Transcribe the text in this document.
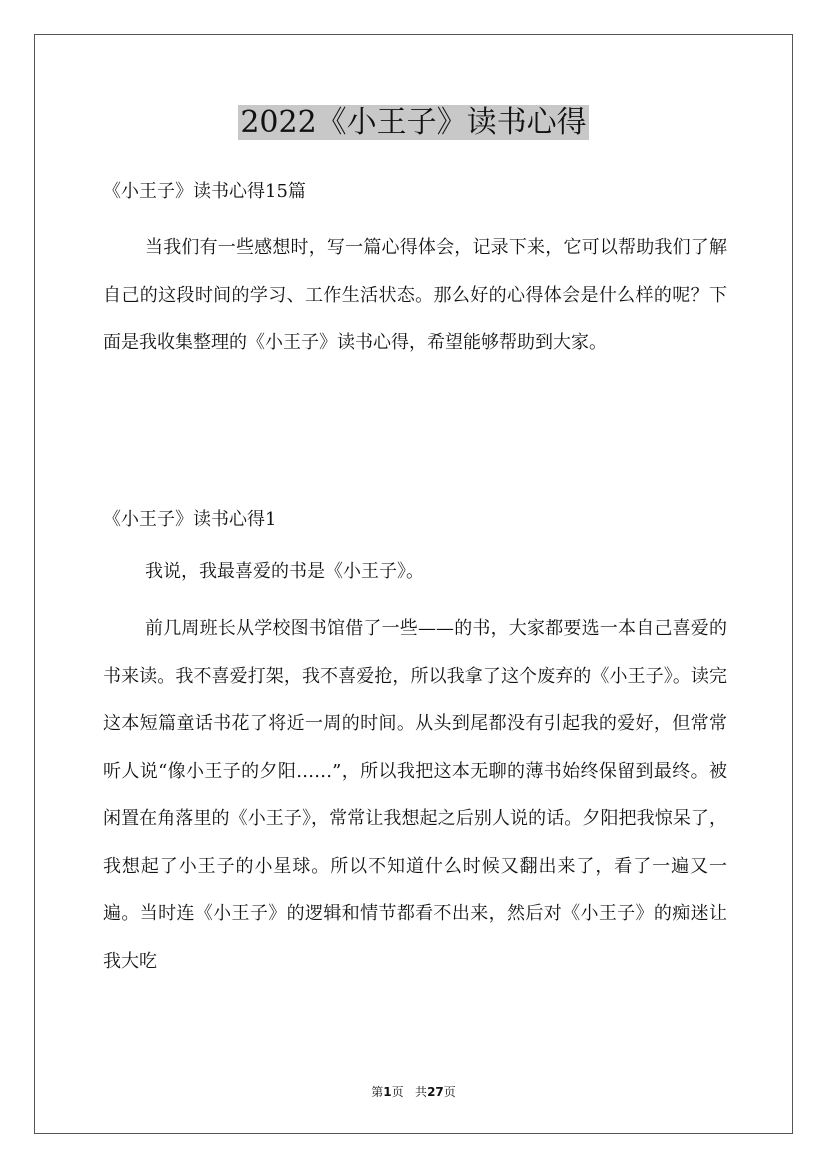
2022《小王子》读书心得

《小王子》读书心得15篇

当我们有一些感想时，写一篇心得体会，记录下来，它可以帮助我们了解自己的这段时间的学习、工作生活状态。那么好的心得体会是什么样的呢？下面是我收集整理的《小王子》读书心得，希望能够帮助到大家。

《小王子》读书心得1

我说，我最喜爱的书是《小王子》。

前几周班长从学校图书馆借了一些——的书，大家都要选一本自己喜爱的书来读。我不喜爱打架，我不喜爱抢，所以我拿了这个废弃的《小王子》。读完这本短篇童话书花了将近一周的时间。从头到尾都没有引起我的爱好，但常常听人说“像小王子的夕阳……”，所以我把这本无聊的薄书始终保留到最终。被闲置在角落里的《小王子》，常常让我想起之后别人说的话。夕阳把我惊呆了，我想起了小王子的小星球。所以不知道什么时候又翻出来了，看了一遍又一遍。当时连《小王子》的逻辑和情节都看不出来，然后对《小王子》的痴迷让我大吃

第1页 共27页
